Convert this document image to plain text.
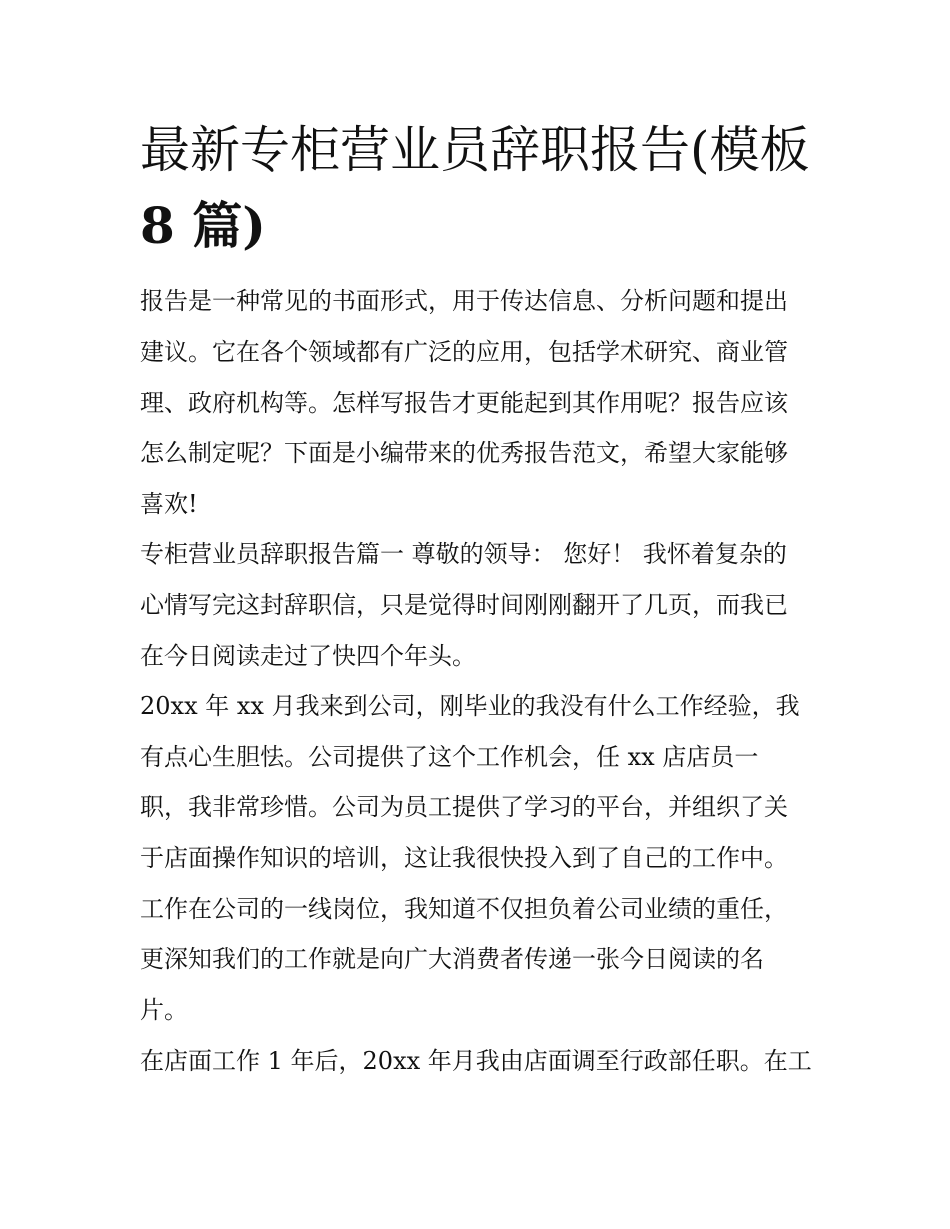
最新专柜营业员辞职报告(模板
8 篇)
报告是一种常见的书面形式，用于传达信息、分析问题和提出
建议。它在各个领域都有广泛的应用，包括学术研究、商业管
理、政府机构等。怎样写报告才更能起到其作用呢？报告应该
怎么制定呢？下面是小编带来的优秀报告范文，希望大家能够
喜欢!
专柜营业员辞职报告篇一 尊敬的领导： 您好！ 我怀着复杂的
心情写完这封辞职信，只是觉得时间刚刚翻开了几页，而我已
在今日阅读走过了快四个年头。
20xx 年 xx 月我来到公司，刚毕业的我没有什么工作经验，我
有点心生胆怯。公司提供了这个工作机会，任 xx 店店员一
职，我非常珍惜。公司为员工提供了学习的平台，并组织了关
于店面操作知识的培训，这让我很快投入到了自己的工作中。
工作在公司的一线岗位，我知道不仅担负着公司业绩的重任，
更深知我们的工作就是向广大消费者传递一张今日阅读的名
片。
在店面工作 1 年后，20xx 年月我由店面调至行政部任职。在工
